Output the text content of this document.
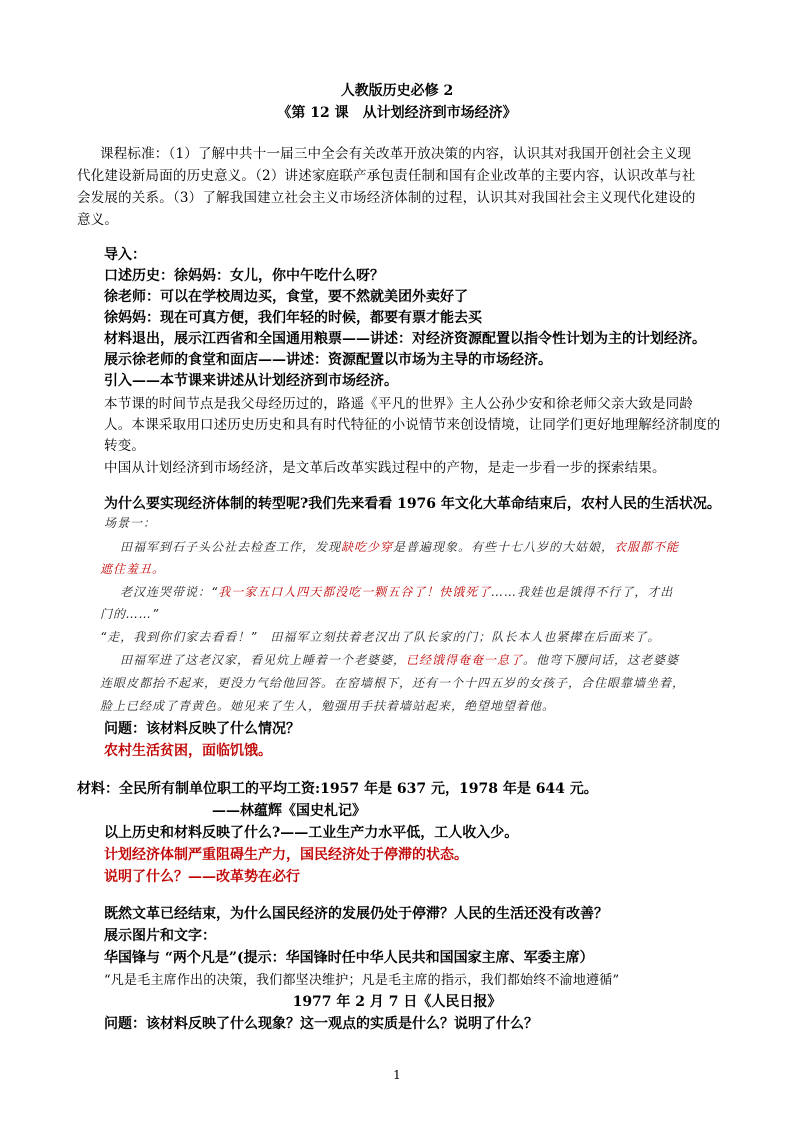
人教版历史必修 2
《第 12 课　从计划经济到市场经济》
课程标准：（1）了解中共十一届三中全会有关改革开放决策的内容，认识其对我国开创社会主义现
代化建设新局面的历史意义。（2）讲述家庭联产承包责任制和国有企业改革的主要内容，认识改革与社
会发展的关系。（3）了解我国建立社会主义市场经济体制的过程，认识其对我国社会主义现代化建设的
意义。
导入：
口述历史：徐妈妈：女儿，你中午吃什么呀？
徐老师：可以在学校周边买，食堂，要不然就美团外卖好了
徐妈妈：现在可真方便，我们年轻的时候，都要有票才能去买
材料退出，展示江西省和全国通用粮票——讲述：对经济资源配置以指令性计划为主的计划经济。
展示徐老师的食堂和面店——讲述：资源配置以市场为主导的市场经济。
引入——本节课来讲述从计划经济到市场经济。
本节课的时间节点是我父母经历过的，路遥《平凡的世界》主人公孙少安和徐老师父亲大致是同龄
人。本课采取用口述历史历史和具有时代特征的小说情节来创设情境，让同学们更好地理解经济制度的
转变。
中国从计划经济到市场经济，是文革后改革实践过程中的产物，是走一步看一步的探索结果。
为什么要实现经济体制的转型呢?我们先来看看 1976 年文化大革命结束后，农村人民的生活状况。
场景一：
田福军到石子头公社去检查工作，发现缺吃少穿是普遍现象。有些十七八岁的大姑娘，衣服都不能
遮住羞丑。
老汉连哭带说：“我一家五口人四天都没吃一颗五谷了！快饿死了……我娃也是饿得不行了，才出
门的……”
“走，我到你们家去看看！”　田福军立刻扶着老汉出了队长家的门；队长本人也紧撵在后面来了。
田福军进了这老汉家，看见炕上睡着一个老婆婆，已经饿得奄奄一息了。他弯下腰问话，这老婆婆
连眼皮都抬不起来，更没力气给他回答。在窑墙根下，还有一个十四五岁的女孩子，合住眼靠墙坐着，
脸上已经成了青黄色。她见来了生人，勉强用手扶着墙站起来，绝望地望着他。
问题：该材料反映了什么情况？
农村生活贫困，面临饥饿。
材料：全民所有制单位职工的平均工资:1957 年是 637 元，1978 年是 644 元。
——林蕴辉《国史札记》
以上历史和材料反映了什么?——工业生产力水平低，工人收入少。
计划经济体制严重阻碍生产力，国民经济处于停滞的状态。
说明了什么？——改革势在必行
既然文革已经结束，为什么国民经济的发展仍处于停滞？人民的生活还没有改善？
展示图片和文字：
华国锋与 “两个凡是”(提示：华国锋时任中华人民共和国国家主席、军委主席）
“凡是毛主席作出的决策，我们都坚决维护；凡是毛主席的指示，我们都始终不渝地遵循”
1977 年 2 月 7 日《人民日报》
问题：该材料反映了什么现象？这一观点的实质是什么？说明了什么？
1
